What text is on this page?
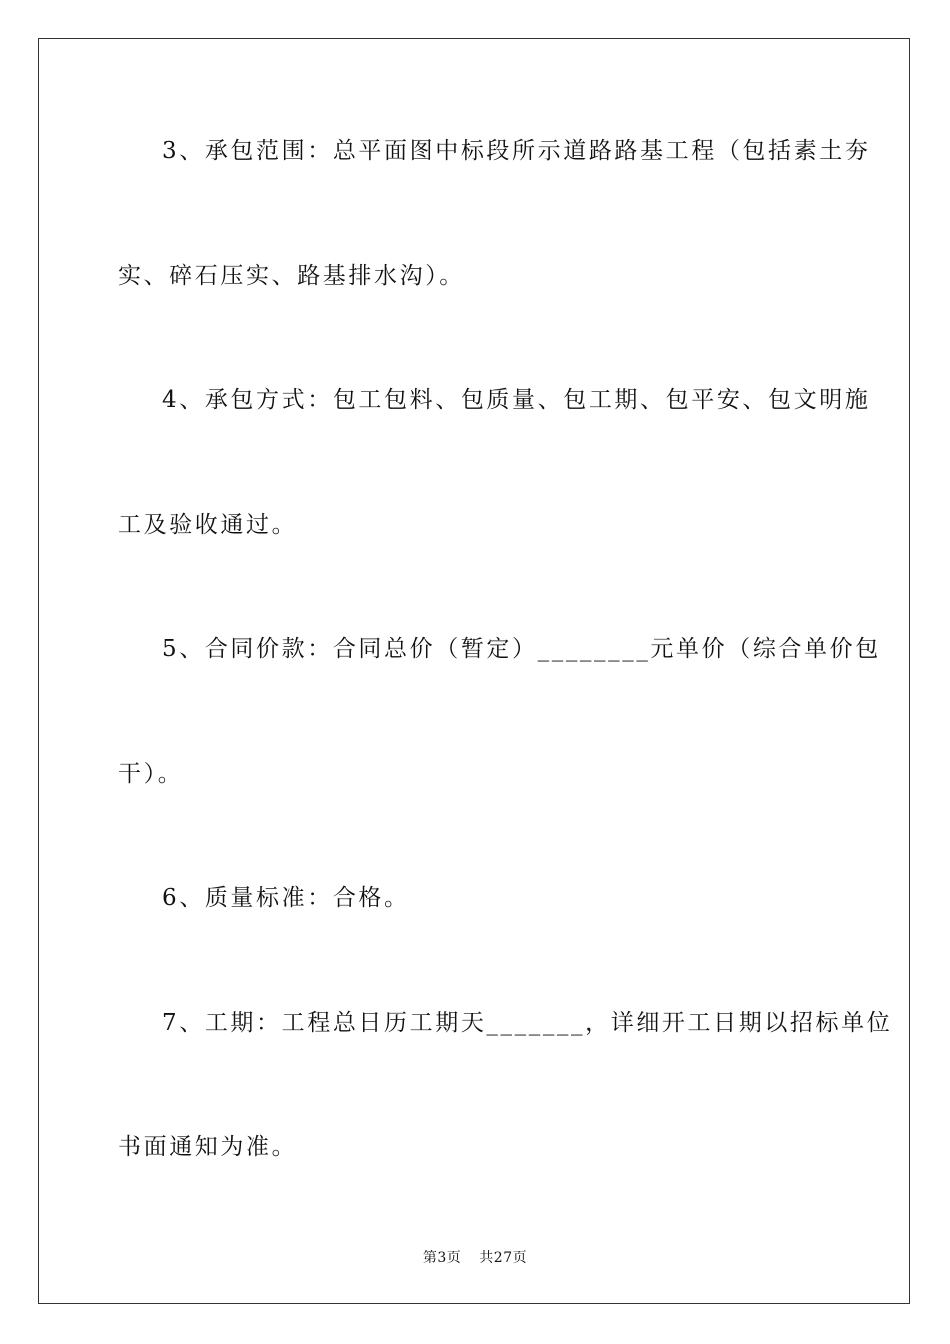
3、承包范围：总平面图中标段所示道路路基工程（包括素土夯
实、碎石压实、路基排水沟）。
4、承包方式：包工包料、包质量、包工期、包平安、包文明施
工及验收通过。
5、合同价款：合同总价（暂定）________元单价（综合单价包
干）。
6、质量标准：合格。
7、工期：工程总日历工期天_______，详细开工日期以招标单位
书面通知为准。
第3页 共27页
